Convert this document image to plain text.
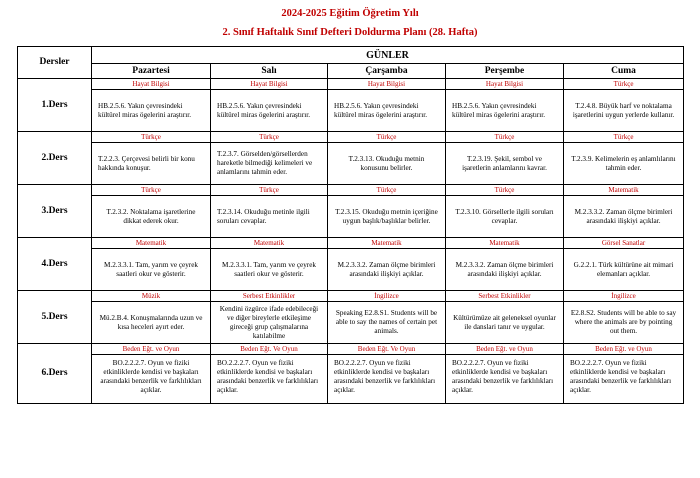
2024-2025 Eğitim Öğretim Yılı
2. Sınıf Haftalık Sınıf Defteri Doldurma Planı (28. Hafta)
Dersler	GÜNLER				
	Pazartesi	Salı	Çarşamba	Perşembe	Cuma
1.Ders	Hayat Bilgisi	Hayat Bilgisi	Hayat Bilgisi	Hayat Bilgisi	Türkçe
	HB.2.5.6. Yakın çevresindeki kültürel miras ögelerini araştırır.	HB.2.5.6. Yakın çevresindeki kültürel miras ögelerini araştırır.	HB.2.5.6. Yakın çevresindeki kültürel miras ögelerini araştırır.	HB.2.5.6. Yakın çevresindeki kültürel miras ögelerini araştırır.	T.2.4.8. Büyük harf ve noktalama işaretlerini uygun yerlerde kullanır.
2.Ders	Türkçe	Türkçe	Türkçe	Türkçe	Türkçe
	T.2.2.3. Çerçevesi belirli bir konu hakkında konuşur.	T.2.3.7. Görselden/görsellerden hareketle bilmediği kelimeleri ve anlamlarını tahmin eder.	T.2.3.13. Okuduğu metnin konusunu belirler.	T.2.3.19. Şekil, sembol ve işaretlerin anlamlarını kavrar.	T.2.3.9. Kelimelerin eş anlamlılarını tahmin eder.
3.Ders	Türkçe	Türkçe	Türkçe	Türkçe	Matematik
	T.2.3.2. Noktalama işaretlerine dikkat ederek okur.	T.2.3.14. Okuduğu metinle ilgili soruları cevaplar.	T.2.3.15. Okuduğu metnin içeriğine uygun başlık/başlıklar belirler.	T.2.3.10. Görsellerle ilgili soruları cevaplar.	M.2.3.3.2. Zaman ölçme birimleri arasındaki ilişkiyi açıklar.
4.Ders	Matematik	Matematik	Matematik	Matematik	Görsel Sanatlar
	M.2.3.3.1. Tam, yarım ve çeyrek saatleri okur ve gösterir.	M.2.3.3.1. Tam, yarım ve çeyrek saatleri okur ve gösterir.	M.2.3.3.2. Zaman ölçme birimleri arasındaki ilişkiyi açıklar.	M.2.3.3.2. Zaman ölçme birimleri arasındaki ilişkiyi açıklar.	G.2.2.1. Türk kültürüne ait mimari elemanları açıklar.
5.Ders	Müzik	Serbest Etkinlikler	İngilizce	Serbest Etkinlikler	İngilizce
	Mü.2.B.4. Konuşmalarında uzun ve kısa heceleri ayırt eder.	Kendini özgürce ifade edebileceği ve diğer bireylerle etkileşime gireceği grup çalışmalarına katılabilme	Speaking E2.8.S1. Students will be able to say the names of certain pet animals.	Kültürümüze ait geleneksel oyunlar ile danslari tanır ve uygular.	E2.8.S2. Students will be able to say where the animals are by pointing out them.
6.Ders	Beden Eğt. ve Oyun	Beden Eğt. Ve Oyun	Beden Eğt. Ve Oyun	Beden Eğt. ve Oyun	Beden Eğt. ve Oyun
	BO.2.2.2.7. Oyun ve fiziki etkinliklerde kendisi ve başkaları arasındaki benzerlik ve farklılıkları açıklar.	BO.2.2.2.7. Oyun ve fiziki etkinliklerde kendisi ve başkaları arasındaki benzerlik ve farklılıkları açıklar.	BO.2.2.2.7. Oyun ve fiziki etkinliklerde kendisi ve başkaları arasındaki benzerlik ve farklılıkları açıklar.	BO.2.2.2.7. Oyun ve fiziki etkinliklerde kendisi ve başkaları arasındaki benzerlik ve farklılıkları açıklar.	BO.2.2.2.7. Oyun ve fiziki etkinliklerde kendisi ve başkaları arasındaki benzerlik ve farklılıkları açıklar.
